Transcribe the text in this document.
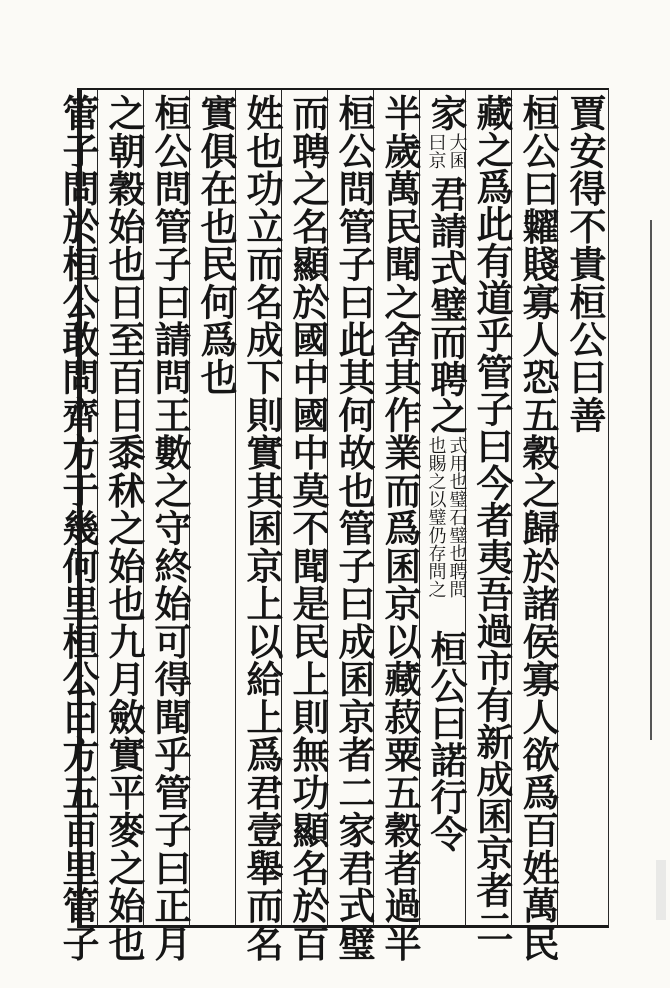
賈安得不貴桓公曰善
桓公曰糶賤寡人恐五穀之歸於諸侯寡人欲爲百姓萬民
藏之爲此有道乎管子曰今者夷吾過市有新成囷京者二
家
大囷
曰京
君請式璧而聘之
式用也璧石璧也聘問
也賜之以璧仍存問之
桓公曰諾行令
半歲萬民聞之舍其作業而爲囷京以藏菽粟五穀者過半
桓公問管子曰此其何故也管子曰成囷京者二家君式璧
而聘之名顯於國中國中莫不聞是民上則無功顯名於百
姓也功立而名成下則實其囷京上以給上爲君壹舉而名
實俱在也民何爲也
桓公問管子曰請問王數之守終始可得聞乎管子曰正月
之朝穀始也日至百日黍秫之始也九月斂實平麥之始也
管子問於桓公敢問齊方于幾何里桓公曰方五百里管子
